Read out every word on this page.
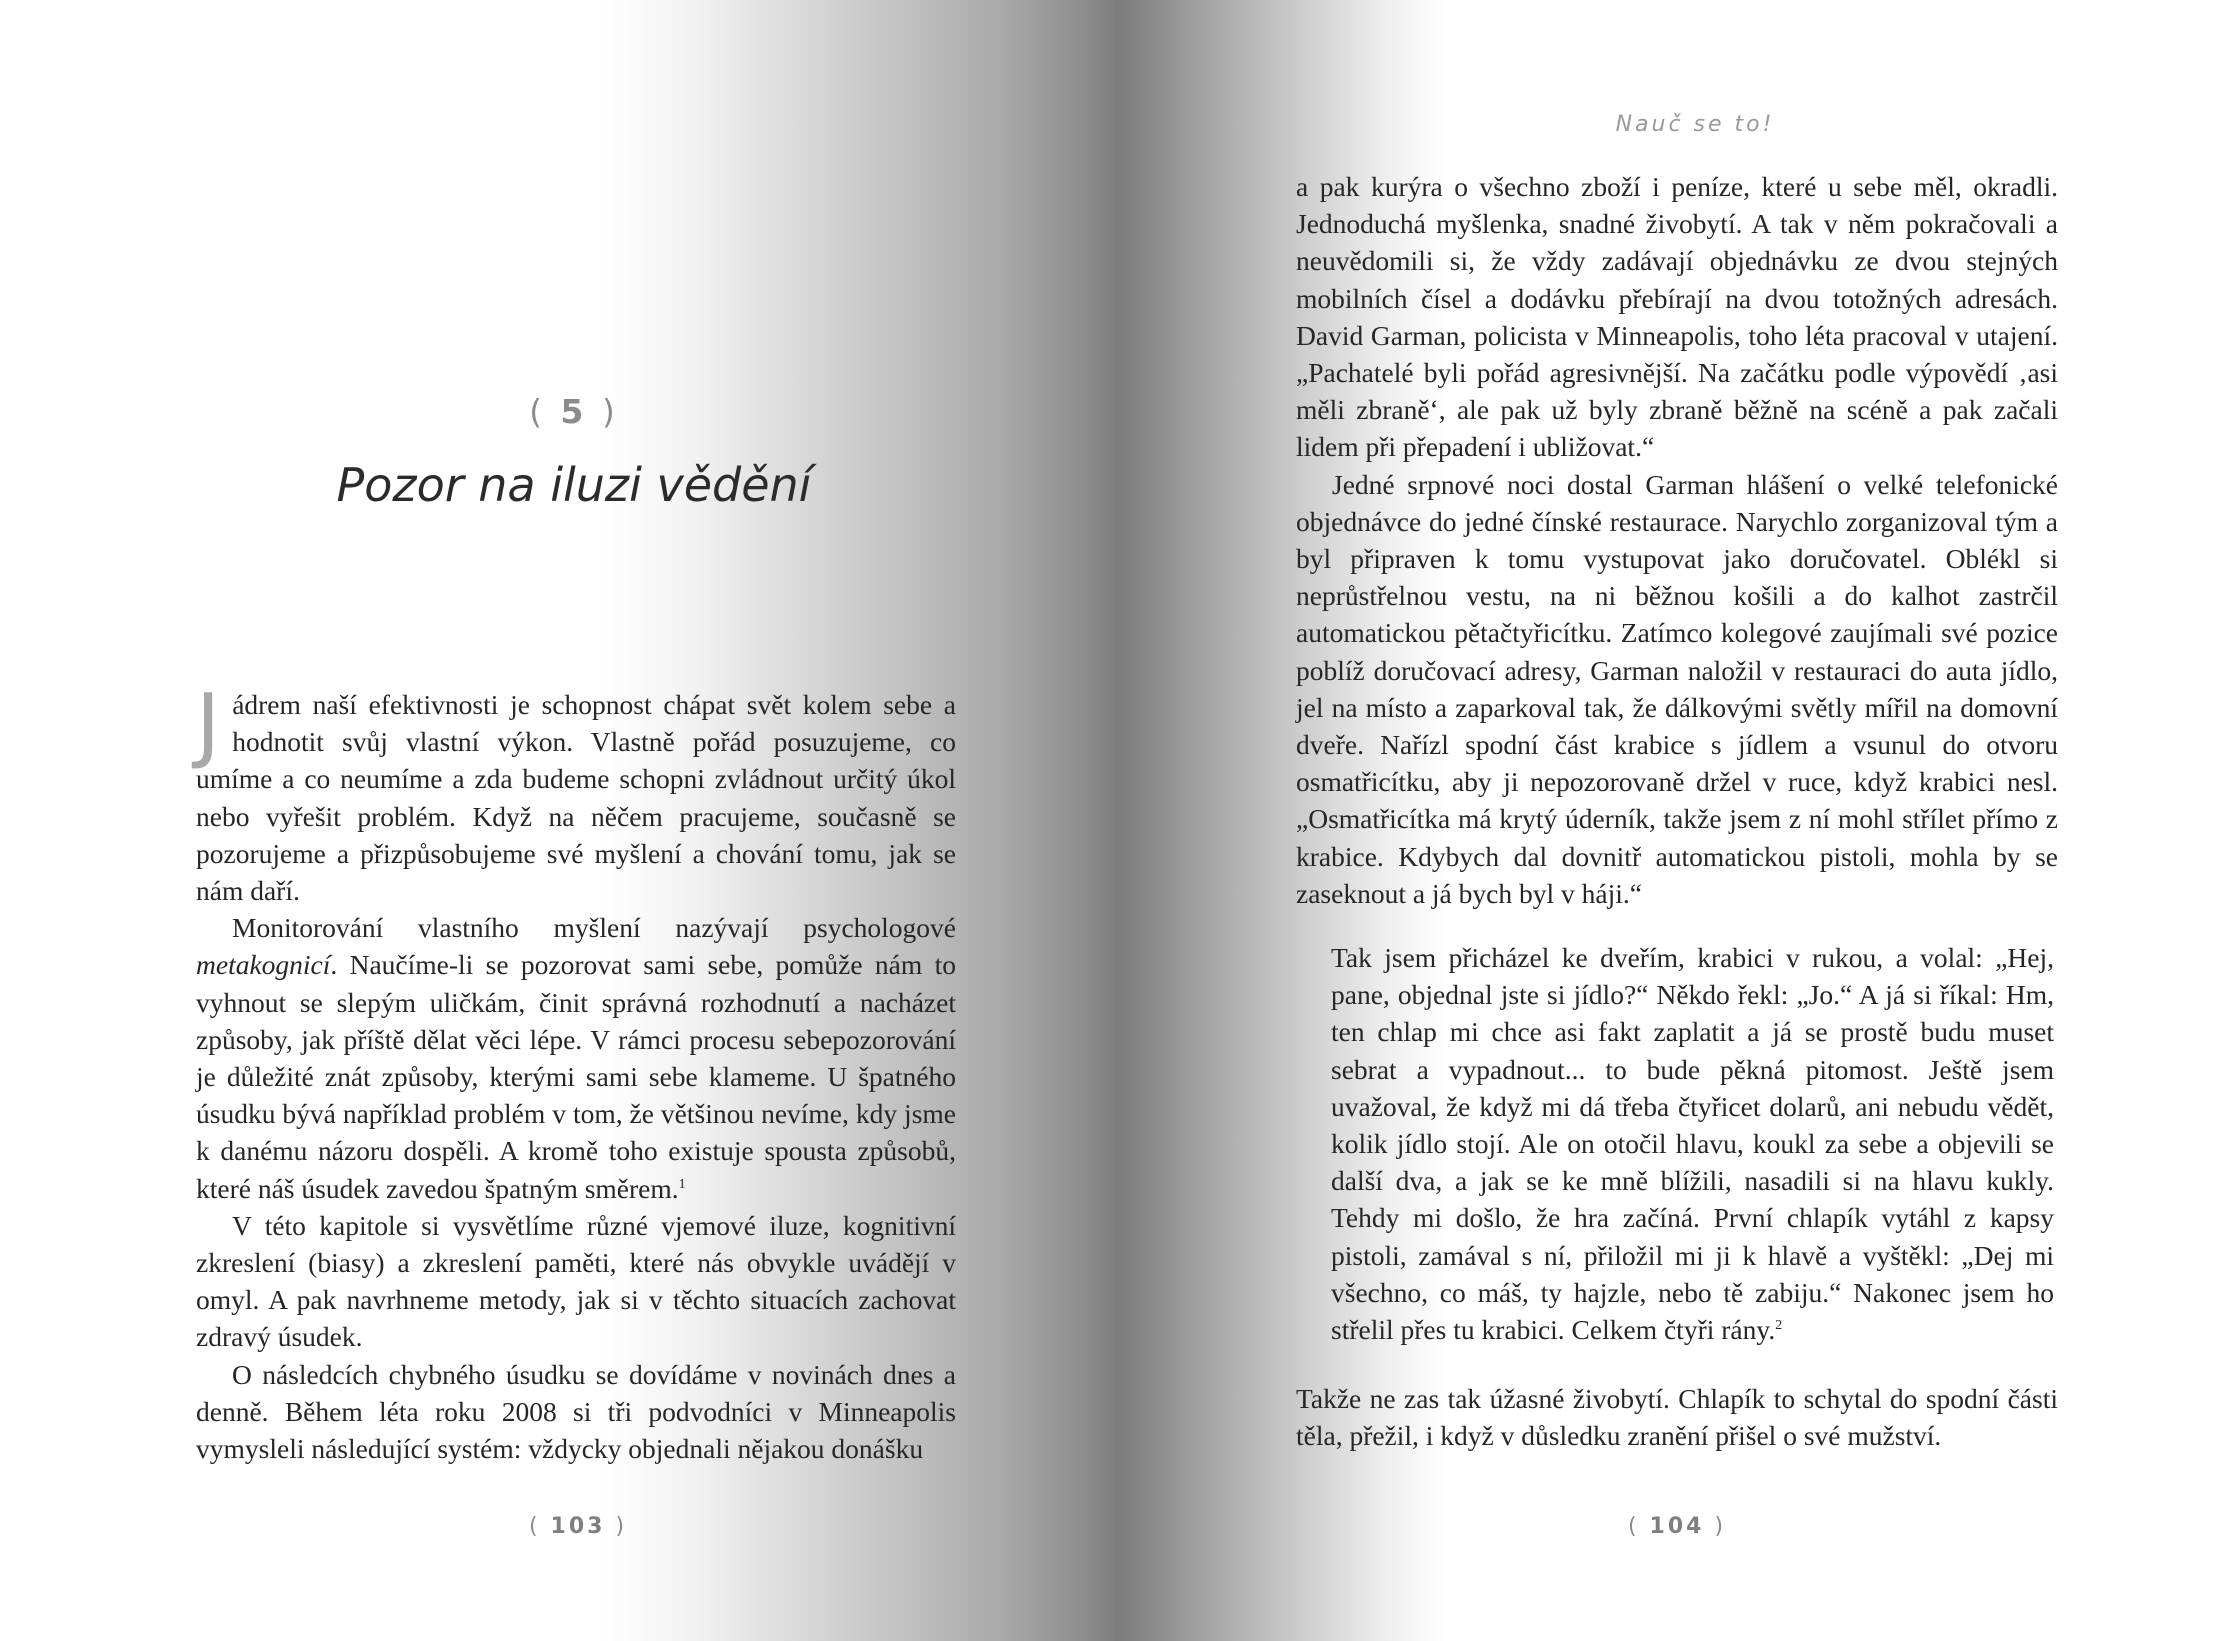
( 5 )
Pozor na iluzi vědění

Jádrem naší efektivnosti je schopnost chápat svět kolem sebe a hodnotit svůj vlastní výkon. Vlastně pořád posuzujeme, co umíme a co neumíme a zda budeme schopni zvládnout určitý úkol nebo vyřešit problém. Když na něčem pracujeme, současně se pozorujeme a přizpůsobujeme své myšlení a chování tomu, jak se nám daří.

Monitorování vlastního myšlení nazývají psychologové metakognicí. Naučíme-li se pozorovat sami sebe, pomůže nám to vyhnout se slepým uličkám, činit správná rozhodnutí a nacházet způsoby, jak příště dělat věci lépe. V rámci procesu sebepozorování je důležité znát způsoby, kterými sami sebe klameme. U špatného úsudku bývá například problém v tom, že většinou nevíme, kdy jsme k danému názoru dospěli. A kromě toho existuje spousta způsobů, které náš úsudek zavedou špatným směrem.$^1$

V této kapitole si vysvětlíme různé vjemové iluze, kognitivní zkreslení (biasy) a zkreslení paměti, které nás obvykle uvádějí v omyl. A pak navrhneme metody, jak si v těchto situacích zachovat zdravý úsudek.

O následcích chybného úsudku se dovídáme v novinách dnes a denně. Během léta roku 2008 si tři podvodníci v Minneapolis vymysleli následující systém: vždycky objednali nějakou donášku

( 103 )
Nauč se to!

a pak kurýra o všechno zboží i peníze, které u sebe měl, okradli. Jednoduchá myšlenka, snadné živobytí. A tak v něm pokračovali a neuvědomili si, že vždy zadávají objednávku ze dvou stejných mobilních čísel a dodávku přebírají na dvou totožných adresách. David Garman, policista v Minneapolis, toho léta pracoval v utajení. „Pachatelé byli pořád agresivnější. Na začátku podle výpovědí ‚asi měli zbraně‘, ale pak už byly zbraně běžně na scéně a pak začali lidem při přepadení i ubližovat.“

Jedné srpnové noci dostal Garman hlášení o velké telefonické objednávce do jedné čínské restaurace. Narychlo zorganizoval tým a byl připraven k tomu vystupovat jako doručovatel. Oblékl si neprůstřelnou vestu, na ni běžnou košili a do kalhot zastrčil automatickou pětačtyřicítku. Zatímco kolegové zaujímali své pozice poblíž doručovací adresy, Garman naložil v restauraci do auta jídlo, jel na místo a zaparkoval tak, že dálkovými světly mířil na domovní dveře. Nařízl spodní část krabice s jídlem a vsunul do otvoru osmatřicítku, aby ji nepozorovaně držel v ruce, když krabici nesl. „Osmatřicítka má krytý úderník, takže jsem z ní mohl střílet přímo z krabice. Kdybych dal dovnitř automatickou pistoli, mohla by se zaseknout a já bych byl v háji.“

Tak jsem přicházel ke dveřím, krabici v rukou, a volal: „Hej, pane, objednal jste si jídlo?“ Někdo řekl: „Jo.“ A já si říkal: Hm, ten chlap mi chce asi fakt zaplatit a já se prostě budu muset sebrat a vypadnout... to bude pěkná pitomost. Ještě jsem uvažoval, že když mi dá třeba čtyřicet dolarů, ani nebudu vědět, kolik jídlo stojí. Ale on otočil hlavu, koukl za sebe a objevili se další dva, a jak se ke mně blížili, nasadili si na hlavu kukly. Tehdy mi došlo, že hra začíná. První chlapík vytáhl z kapsy pistoli, zamával s ní, přiložil mi ji k hlavě a vyštěkl: „Dej mi všechno, co máš, ty hajzle, nebo tě zabiju.“ Nakonec jsem ho střelil přes tu krabici. Celkem čtyři rány.$^2$

Takže ne zas tak úžasné živobytí. Chlapík to schytal do spodní části těla, přežil, i když v důsledku zranění přišel o své mužství.

( 104 )
